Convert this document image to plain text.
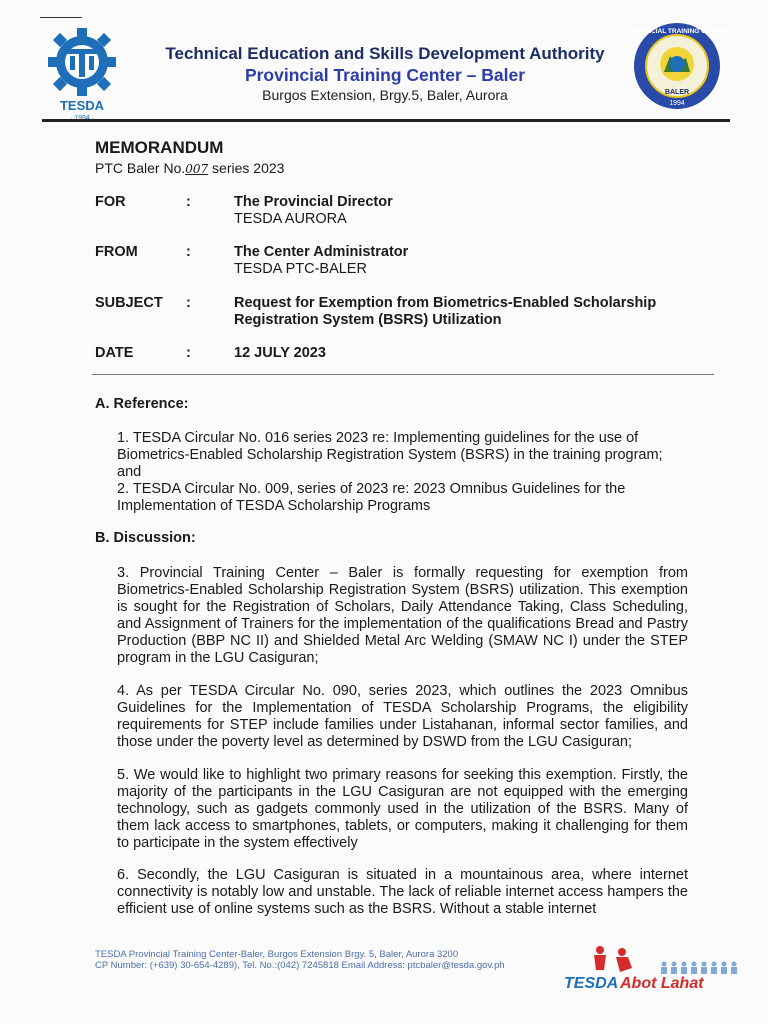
TESDA
Technical Education and Skills Development Authority
Provincial Training Center – Baler
Burgos Extension, Brgy.5, Baler, Aurora
PROVINCIAL TRAINING CENTER
BALER
1994
MEMORANDUM
PTC Baler No.007 series 2023
FOR	:	The Provincial Director
TESDA AURORA
FROM	:	The Center Administrator
TESDA PTC-BALER
SUBJECT :	Request for Exemption from Biometrics-Enabled Scholarship
Registration System (BSRS) Utilization
DATE	:	12 JULY 2023
A. Reference:
1. TESDA Circular No. 016 series 2023 re: Implementing guidelines for the use of Biometrics-Enabled Scholarship Registration System (BSRS) in the training program; and
2. TESDA Circular No. 009, series of 2023 re: 2023 Omnibus Guidelines for the Implementation of TESDA Scholarship Programs
B. Discussion:
3. Provincial Training Center – Baler is formally requesting for exemption from Biometrics-Enabled Scholarship Registration System (BSRS) utilization. This exemption is sought for the Registration of Scholars, Daily Attendance Taking, Class Scheduling, and Assignment of Trainers for the implementation of the qualifications Bread and Pastry Production (BBP NC II) and Shielded Metal Arc Welding (SMAW NC I) under the STEP program in the LGU Casiguran;
4. As per TESDA Circular No. 090, series 2023, which outlines the 2023 Omnibus Guidelines for the Implementation of TESDA Scholarship Programs, the eligibility requirements for STEP include families under Listahanan, informal sector families, and those under the poverty level as determined by DSWD from the LGU Casiguran;
5. We would like to highlight two primary reasons for seeking this exemption. Firstly, the majority of the participants in the LGU Casiguran are not equipped with the emerging technology, such as gadgets commonly used in the utilization of the BSRS. Many of them lack access to smartphones, tablets, or computers, making it challenging for them to participate in the system effectively
6. Secondly, the LGU Casiguran is situated in a mountainous area, where internet connectivity is notably low and unstable. The lack of reliable internet access hampers the efficient use of online systems such as the BSRS. Without a stable internet
TESDA Provincial Training Center-Baler, Burgos Extension Brgy. 5, Baler, Aurora 3200
CP Number: (+639) 30-654-4289), Tel. No.:(042) 7245818 Email Address: ptcbaler@tesda.gov.ph
TESDA Abot Lahat
